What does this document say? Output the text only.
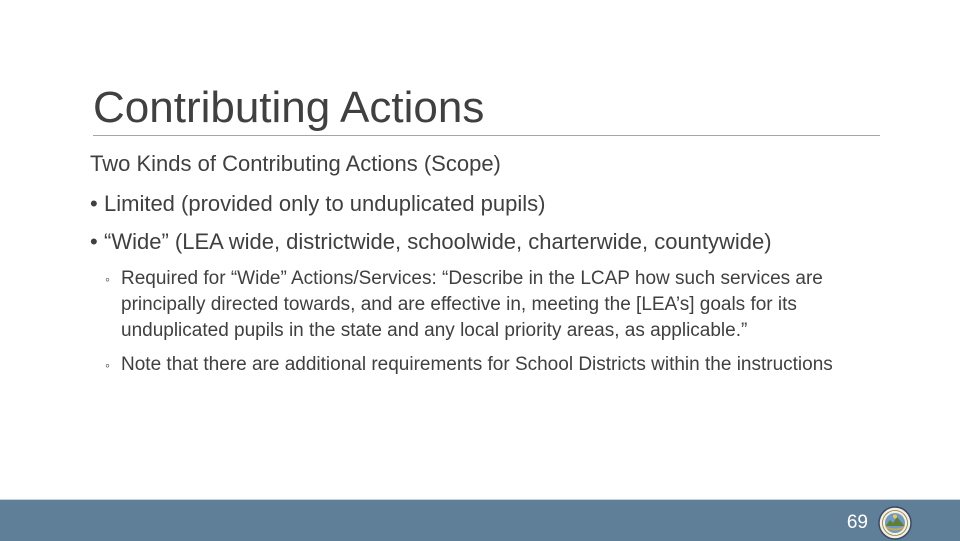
Contributing Actions
Two Kinds of Contributing Actions (Scope)
• Limited (provided only to unduplicated pupils)
• “Wide” (LEA wide, districtwide, schoolwide, charterwide, countywide)
◦ Required for “Wide” Actions/Services: “Describe in the LCAP how such services are principally directed towards, and are effective in, meeting the [LEA’s] goals for its unduplicated pupils in the state and any local priority areas, as applicable.”
◦ Note that there are additional requirements for School Districts within the instructions
69
